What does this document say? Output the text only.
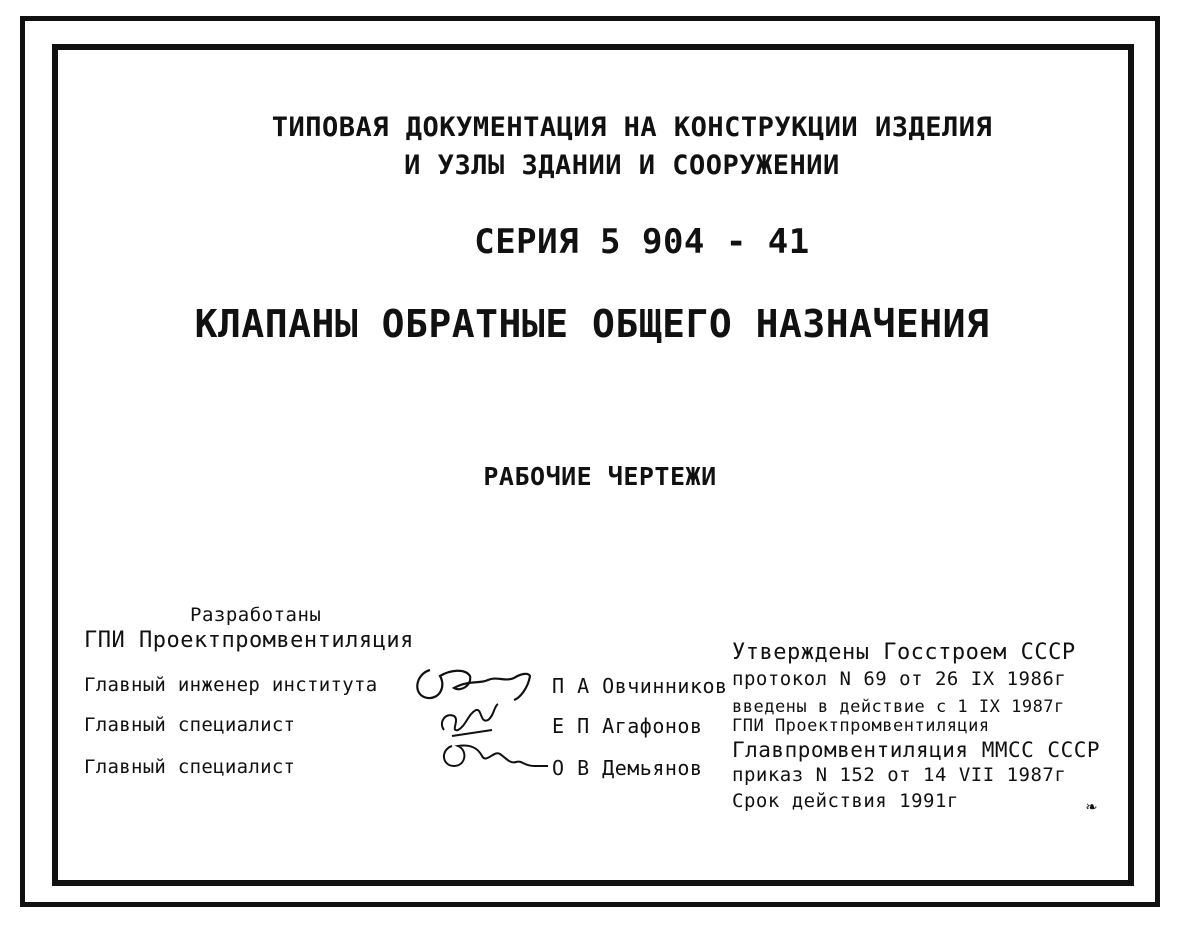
ТИПОВАЯ ДОКУМЕНТАЦИЯ НА КОНСТРУКЦИИ ИЗДЕЛИЯ
И УЗЛЫ ЗДАНИИ И СООРУЖЕНИИ
СЕРИЯ 5 904 - 41
КЛАПАНЫ ОБРАТНЫЕ ОБЩЕГО НАЗНАЧЕНИЯ
РАБОЧИЕ ЧЕРТЕЖИ
Разработаны
ГПИ Проектпромвентиляция
Главный инженер института
Главный специалист
Главный специалист
П А Овчинников
Е П Агафонов
О В Демьянов
Утверждены Госстроем СССР
протокол N 69 от 26 IX 1986г
введены в действие с 1 IX 1987г
ГПИ Проектпромвентиляция
Главпромвентиляция ММСС СССР
приказ N 152 от 14 VII 1987г
Срок действия 1991г	❧
